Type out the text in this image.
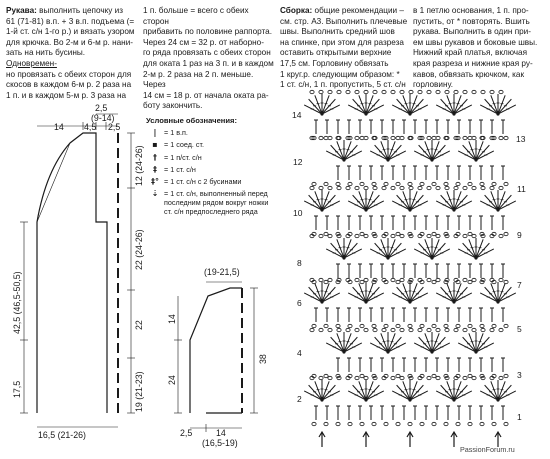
Рукава: выполнить цепочку из

61 (71-81) в.п. + 3 в.п. подъема (=

1-й ст. с/н 1-го р.) и вязать узором

для крючка. Во 2-м и 6-м р. нани-

зать на нить бусины. Одновремен-

но провязать с обеих сторон для

скосов в каждом 6-м р. 2 раза на

1 п. и в каждом 5-м р. 3 раза на

1 п. больше = всего с обеих сторон

прибавить по половине раппорта.

Через 24 см = 32 р. от наборно-

го ряда провязать с обеих сторон

для оката 1 раз на 3 п. и в каждом

2-м р. 2 раза на 2 п. меньше. Через

14 см = 18 р. от начала оката ра-

боту закончить.

Сборка: общие рекомендации –

см. стр. А3. Выполнить плечевые

швы. Выполнить средний шов

на спинке, при этом для разреза

оставить открытыми верхние

17,5 см. Горловину обвязать

1 круг.р. следующим образом: *

1 ст. с/н, 1 п. пропустить, 5 ст. с/н

в 1 петлю основания, 1 п. про-

пустить, от * повторять. Вшить

рукава. Выполнить в один при-

ем швы рукавов и боковые швы.

Нижний край платья, включая

края разреза и нижние края ру-

кавов, обвязать крючком, как

горловину.

Условные обозначения:
|	= 1 в.п.
▪ = 1 соед. ст.
† = 1 п/ст. с/н
‡ = 1 ст. с/н
‡° = 1 ст. с/н с 2 бусинами
⇣ = 1 ст. с/н, выполненный перед последним рядом вокруг ножки ст. с/н предпоследнего ряда
2,5
(9-14)
14 4,5 2,5
12 (24-26)
22 (24-26)
22
19 (21-23)
42,5 (46,5-50,5)
17,5
16,5 (21-26)
(19-21,5)
38
24
14
2,5	14
(16,5-19)
14
12
10
8
6
4
2
13
11
9
7
5
3
1
PassionForum.ru
